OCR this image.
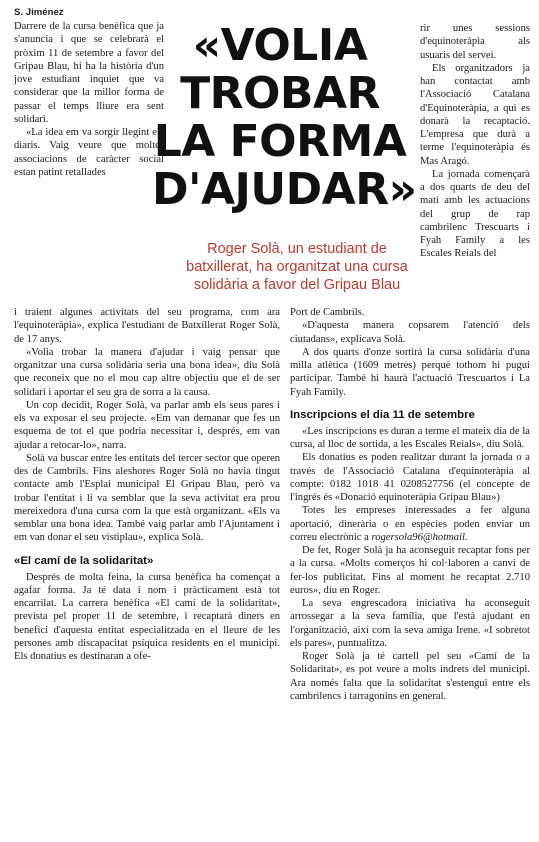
S. Jiménez

Darrere de la cursa benèfica que ja s'anuncia i que se celebrarà el pròxim 11 de setembre a favor del Gripau Blau, hi ha la història d'un jove estudiant inquiet que va considerar que la millor forma de passar el temps lliure era sent solidari.

«La idea em va sorgir llegint els diaris. Vaig veure que moltes associacions de caràcter social estan patint retallades

«VOLIA TROBAR LA FORMA D'AJUDAR»
Roger Solà, un estudiant de batxillerat, ha organitzat una cursa solidària a favor del Gripau Blau

rir unes sessions d'equinoteràpia als usuaris del servei.

Els organitzadors ja han contactat amb l'Associació Catalana d'Equinoteràpia, a qui es donarà la recaptació. L'empresa que durà a terme l'equinoteràpia és Mas Aragó.

La jornada començarà a dos quarts de deu del matí amb les actuacions del grup de rap cambrilenc Trescuarts i Fyah Family a les Escales Reials del

i traient algunes activitats del seu programa, com ara l'equinoteràpia», explica l'estudiant de Batxillerat Roger Solà, de 17 anys.

«Volia trobar la manera d'ajudar i vaig pensar que organitzar una cursa solidària seria una bona idea», diu Solà que reconeix que no el mou cap altre objectiu que el de ser solidari i aportar el seu gra de sorra a la causa.

Un cop decidit, Roger Solà, va parlar amb els seus pares i els va exposar el seu projecte. «Em van demanar que fes un esquema de tot el que podria necessitar i, després, em van ajudar a retocar-lo», narra.

Solà va buscar entre les entitats del tercer sector que operen des de Cambrils. Fins aleshores Roger Solà no havia tingut contacte amb l'Esplai municipal El Gripau Blau, però va trobar l'entitat i li va semblar que la seva activitat era prou mereixedora d'una cursa com la que està organitzant. «Els va semblar una bona idea. També vaig parlar amb l'Ajuntament i em van donar el seu vistiplau», explica Solà.

«El camí de la solidaritat»

Després de molta feina, la cursa benèfica ha començat a agafar forma. Ja té data i nom i pràcticament està tot encarrilat. La carrera benèfica «El camí de la solidaritat», prevista pel proper 11 de setembre, i recaptarà diners en benefici d'aquesta entitat especialitzada en el lleure de les persones amb discapacitat psíquica residents en el municipi. Els donatius es destinaran a ofe-

Port de Cambrils.

«D'aquesta manera copsarem l'atenció dels ciutadans», explicava Solà.

A dos quarts d'onze sortirà la cursa solidària d'una milla atlètica (1609 metres) perquè tothom hi pugui participar. També hi haurà l'actuació Trescuartos i La Fyah Family.

Inscripcions el dia 11 de setembre

«Les inscripcions es duran a terme el mateix dia de la cursa, al lloc de sortida, a les Escales Reials», diu Solà.

Els donatius es poden realitzar durant la jornada o a través de l'Associació Catalana d'equinoteràpia al compte: 0182 1018 41 0208527756 (el concepte de l'ingrés és «Donació equinoteràpia Gripau Blau»)

Totes les empreses interessades a fer alguna aportació, dinerària o en espècies poden enviar un correu electrònic a rogersola96@hotmail.

De fet, Roger Solà ja ha aconseguit recaptar fons per a la cursa. «Molts comerços hi col·laboren a canvi de fer-los publicitat. Fins al moment he recaptat 2.710 euros», diu en Roger.

La seva engrescadora iniciativa ha aconseguit arrossegar a la seva família, que l'està ajudant en l'organització, així com la seva amiga Irene. «I sobretot els pares», puntualitza.

Roger Solà ja té cartell pel seu «Camí de la Solidaritat», es pot veure a molts indrets del municipi. Ara només falta que la solidaritat s'estengui entre els cambrilencs i tarragonins en general.
